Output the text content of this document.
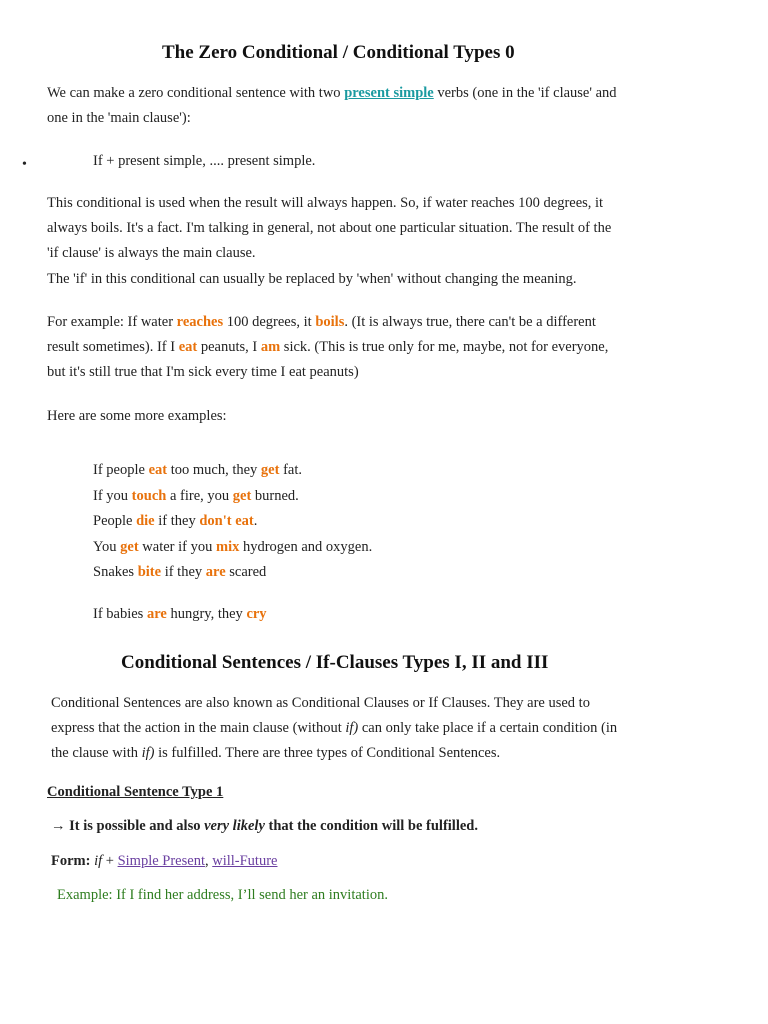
The Zero Conditional / Conditional Types 0
We can make a zero conditional sentence with two present simple verbs (one in the 'if clause' and
one in the 'main clause'):
•	If + present simple, .... present simple.
This conditional is used when the result will always happen. So, if water reaches 100 degrees, it
always boils. It's a fact. I'm talking in general, not about one particular situation. The result of the
'if clause' is always the main clause.
The 'if' in this conditional can usually be replaced by 'when' without changing the meaning.
For example: If water reaches 100 degrees, it boils. (It is always true, there can't be a different
result sometimes). If I eat peanuts, I am sick. (This is true only for me, maybe, not for everyone,
but it's still true that I'm sick every time I eat peanuts)
Here are some more examples:
If people eat too much, they get fat.
If you touch a fire, you get burned.
People die if they don't eat.
You get water if you mix hydrogen and oxygen.
Snakes bite if they are scared
If babies are hungry, they cry
Conditional Sentences / If-Clauses Types I, II and III
Conditional Sentences are also known as Conditional Clauses or If Clauses. They are used to
express that the action in the main clause (without if) can only take place if a certain condition (in
the clause with if) is fulfilled. There are three types of Conditional Sentences.
Conditional Sentence Type 1
→ It is possible and also very likely that the condition will be fulfilled.
Form: if + Simple Present, will-Future
Example: If I find her address, I’ll send her an invitation.
